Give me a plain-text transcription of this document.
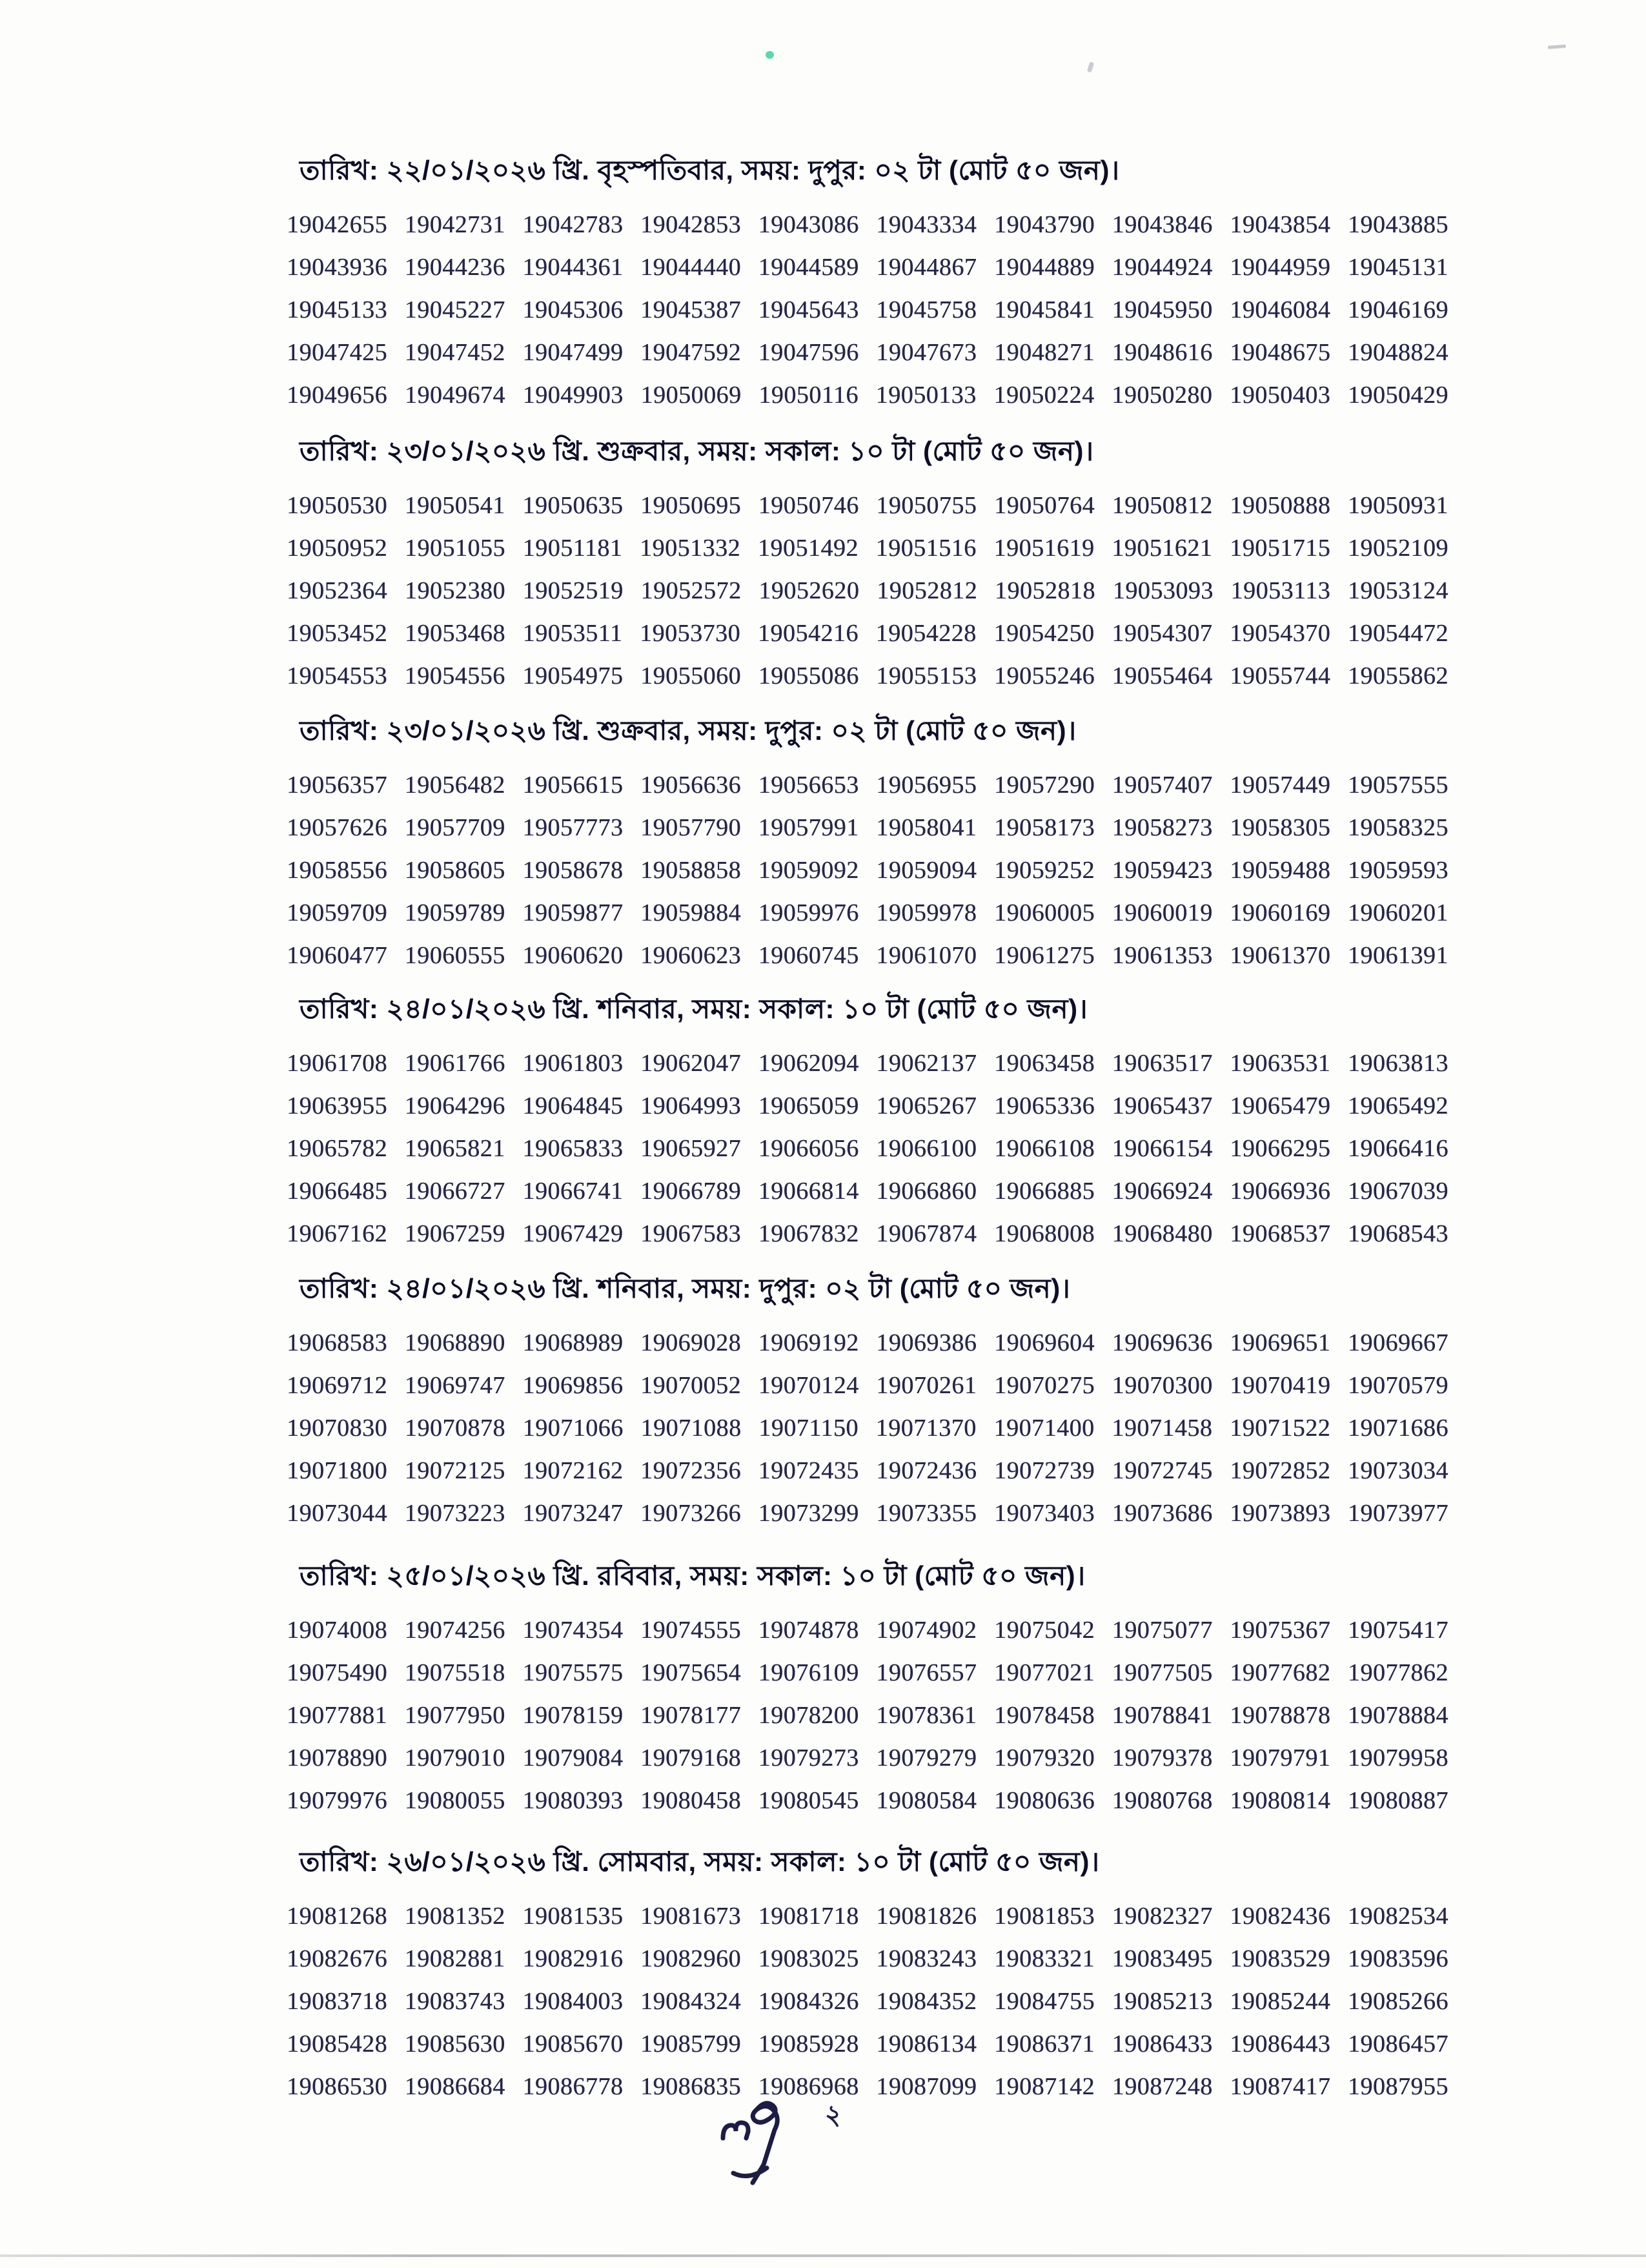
তারিখ: ২২/০১/২০২৬ খ্রি. বৃহস্পতিবার, সময়: দুপুর: ০২ টা (মোট ৫০ জন)।
19042655 19042731 19042783 19042853 19043086 19043334 19043790 19043846 19043854 19043885
19043936 19044236 19044361 19044440 19044589 19044867 19044889 19044924 19044959 19045131
19045133 19045227 19045306 19045387 19045643 19045758 19045841 19045950 19046084 19046169
19047425 19047452 19047499 19047592 19047596 19047673 19048271 19048616 19048675 19048824
19049656 19049674 19049903 19050069 19050116 19050133 19050224 19050280 19050403 19050429
তারিখ: ২৩/০১/২০২৬ খ্রি. শুক্রবার, সময়: সকাল: ১০ টা (মোট ৫০ জন)।
19050530 19050541 19050635 19050695 19050746 19050755 19050764 19050812 19050888 19050931
19050952 19051055 19051181 19051332 19051492 19051516 19051619 19051621 19051715 19052109
19052364 19052380 19052519 19052572 19052620 19052812 19052818 19053093 19053113 19053124
19053452 19053468 19053511 19053730 19054216 19054228 19054250 19054307 19054370 19054472
19054553 19054556 19054975 19055060 19055086 19055153 19055246 19055464 19055744 19055862
তারিখ: ২৩/০১/২০২৬ খ্রি. শুক্রবার, সময়: দুপুর: ০২ টা (মোট ৫০ জন)।
19056357 19056482 19056615 19056636 19056653 19056955 19057290 19057407 19057449 19057555
19057626 19057709 19057773 19057790 19057991 19058041 19058173 19058273 19058305 19058325
19058556 19058605 19058678 19058858 19059092 19059094 19059252 19059423 19059488 19059593
19059709 19059789 19059877 19059884 19059976 19059978 19060005 19060019 19060169 19060201
19060477 19060555 19060620 19060623 19060745 19061070 19061275 19061353 19061370 19061391
তারিখ: ২৪/০১/২০২৬ খ্রি. শনিবার, সময়: সকাল: ১০ টা (মোট ৫০ জন)।
19061708 19061766 19061803 19062047 19062094 19062137 19063458 19063517 19063531 19063813
19063955 19064296 19064845 19064993 19065059 19065267 19065336 19065437 19065479 19065492
19065782 19065821 19065833 19065927 19066056 19066100 19066108 19066154 19066295 19066416
19066485 19066727 19066741 19066789 19066814 19066860 19066885 19066924 19066936 19067039
19067162 19067259 19067429 19067583 19067832 19067874 19068008 19068480 19068537 19068543
তারিখ: ২৪/০১/২০২৬ খ্রি. শনিবার, সময়: দুপুর: ০২ টা (মোট ৫০ জন)।
19068583 19068890 19068989 19069028 19069192 19069386 19069604 19069636 19069651 19069667
19069712 19069747 19069856 19070052 19070124 19070261 19070275 19070300 19070419 19070579
19070830 19070878 19071066 19071088 19071150 19071370 19071400 19071458 19071522 19071686
19071800 19072125 19072162 19072356 19072435 19072436 19072739 19072745 19072852 19073034
19073044 19073223 19073247 19073266 19073299 19073355 19073403 19073686 19073893 19073977
তারিখ: ২৫/০১/২০২৬ খ্রি. রবিবার, সময়: সকাল: ১০ টা (মোট ৫০ জন)।
19074008 19074256 19074354 19074555 19074878 19074902 19075042 19075077 19075367 19075417
19075490 19075518 19075575 19075654 19076109 19076557 19077021 19077505 19077682 19077862
19077881 19077950 19078159 19078177 19078200 19078361 19078458 19078841 19078878 19078884
19078890 19079010 19079084 19079168 19079273 19079279 19079320 19079378 19079791 19079958
19079976 19080055 19080393 19080458 19080545 19080584 19080636 19080768 19080814 19080887
তারিখ: ২৬/০১/২০২৬ খ্রি. সোমবার, সময়: সকাল: ১০ টা (মোট ৫০ জন)।
19081268 19081352 19081535 19081673 19081718 19081826 19081853 19082327 19082436 19082534
19082676 19082881 19082916 19082960 19083025 19083243 19083321 19083495 19083529 19083596
19083718 19083743 19084003 19084324 19084326 19084352 19084755 19085213 19085244 19085266
19085428 19085630 19085670 19085799 19085928 19086134 19086371 19086433 19086443 19086457
19086530 19086684 19086778 19086835 19086968 19087099 19087142 19087248 19087417 19087955
২
